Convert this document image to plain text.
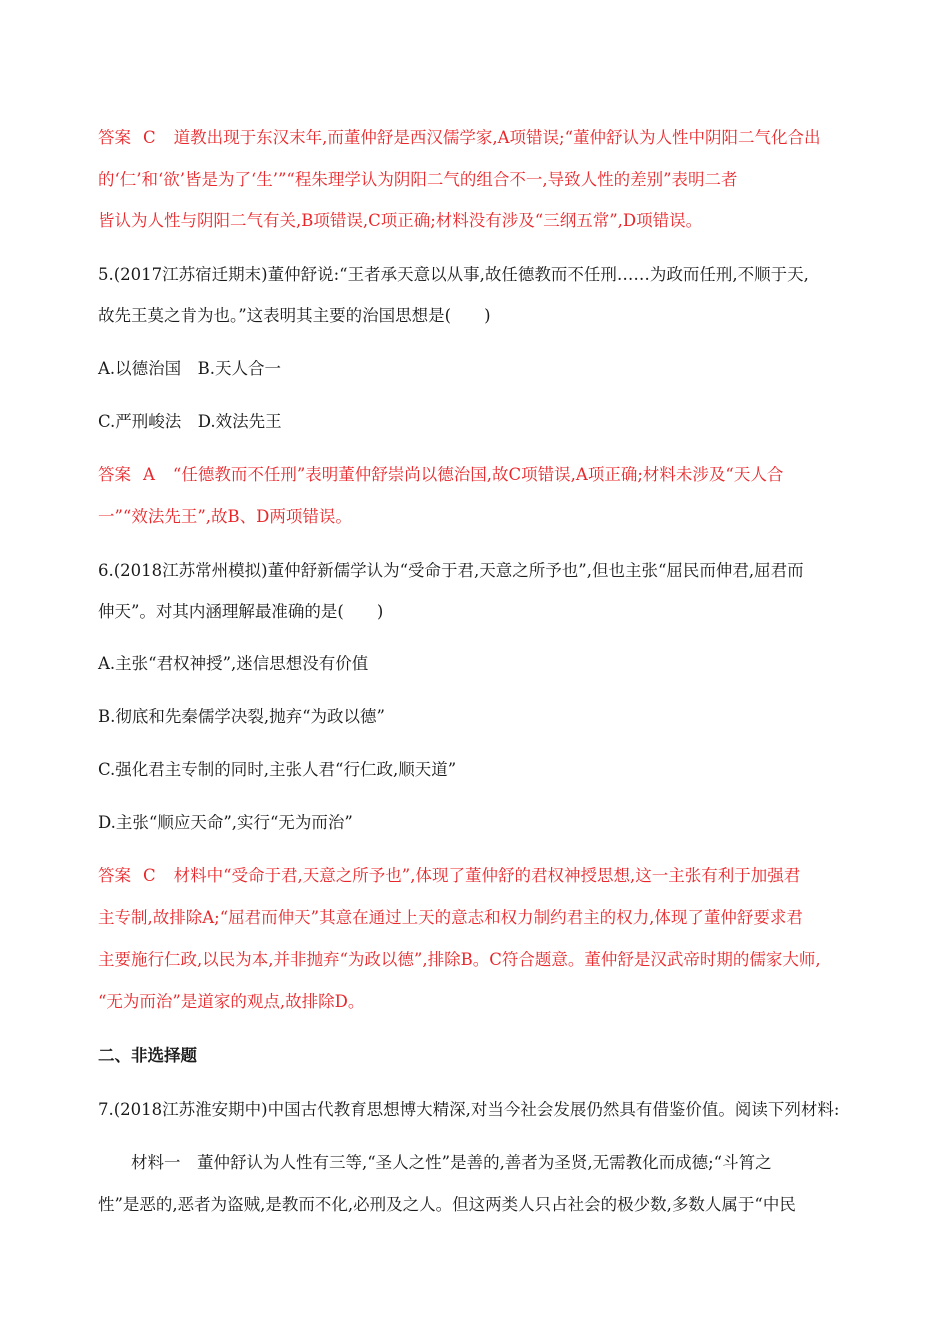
答案 C 道教出现于东汉末年,而董仲舒是西汉儒学家,A项错误;“董仲舒认为人性中阴阳二气化合出
的‘仁’和‘欲’皆是为了‘生’”“程朱理学认为阴阳二气的组合不一,导致人性的差别”表明二者
皆认为人性与阴阳二气有关,B项错误,C项正确;材料没有涉及“三纲五常”,D项错误。
5.(2017江苏宿迁期末)董仲舒说:“王者承天意以从事,故任德教而不任刑……为政而任刑,不顺于天,
故先王莫之肯为也。”这表明其主要的治国思想是(　　)
A.以德治国　B.天人合一
C.严刑峻法　D.效法先王
答案 A “任德教而不任刑”表明董仲舒崇尚以德治国,故C项错误,A项正确;材料未涉及“天人合
一”“效法先王”,故B、D两项错误。
6.(2018江苏常州模拟)董仲舒新儒学认为“受命于君,天意之所予也”,但也主张“屈民而伸君,屈君而
伸天”。对其内涵理解最准确的是(　　)
A.主张“君权神授”,迷信思想没有价值
B.彻底和先秦儒学决裂,抛弃“为政以德”
C.强化君主专制的同时,主张人君“行仁政,顺天道”
D.主张“顺应天命”,实行“无为而治”
答案 C 材料中“受命于君,天意之所予也”,体现了董仲舒的君权神授思想,这一主张有利于加强君
主专制,故排除A;“屈君而伸天”其意在通过上天的意志和权力制约君主的权力,体现了董仲舒要求君
主要施行仁政,以民为本,并非抛弃“为政以德”,排除B。C符合题意。董仲舒是汉武帝时期的儒家大师,
“无为而治”是道家的观点,故排除D。
二、非选择题
7.(2018江苏淮安期中)中国古代教育思想博大精深,对当今社会发展仍然具有借鉴价值。阅读下列材料:
材料一　董仲舒认为人性有三等,“圣人之性”是善的,善者为圣贤,无需教化而成德;“斗筲之
性”是恶的,恶者为盗贼,是教而不化,必刑及之人。但这两类人只占社会的极少数,多数人属于“中民
